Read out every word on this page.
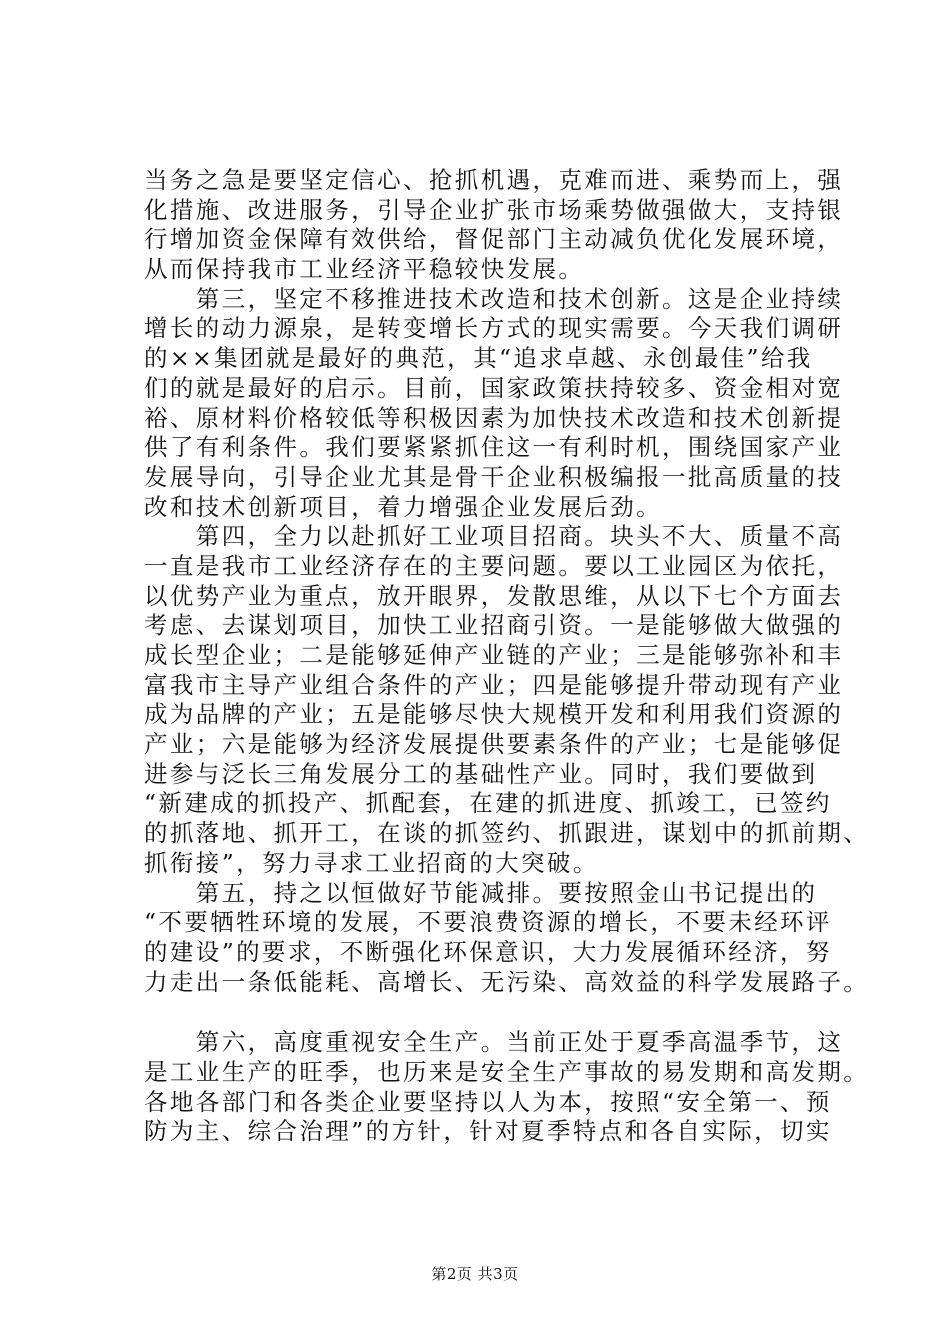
当务之急是要坚定信心、抢抓机遇，克难而进、乘势而上，强
化措施、改进服务，引导企业扩张市场乘势做强做大，支持银
行增加资金保障有效供给，督促部门主动减负优化发展环境，
从而保持我市工业经济平稳较快发展。
　　第三，坚定不移推进技术改造和技术创新。这是企业持续
增长的动力源泉，是转变增长方式的现实需要。今天我们调研
的××集团就是最好的典范，其“追求卓越、永创最佳”给我
们的就是最好的启示。目前，国家政策扶持较多、资金相对宽
裕、原材料价格较低等积极因素为加快技术改造和技术创新提
供了有利条件。我们要紧紧抓住这一有利时机，围绕国家产业
发展导向，引导企业尤其是骨干企业积极编报一批高质量的技
改和技术创新项目，着力增强企业发展后劲。
　　第四，全力以赴抓好工业项目招商。块头不大、质量不高
一直是我市工业经济存在的主要问题。要以工业园区为依托，
以优势产业为重点，放开眼界，发散思维，从以下七个方面去
考虑、去谋划项目，加快工业招商引资。一是能够做大做强的
成长型企业；二是能够延伸产业链的产业；三是能够弥补和丰
富我市主导产业组合条件的产业；四是能够提升带动现有产业
成为品牌的产业；五是能够尽快大规模开发和利用我们资源的
产业；六是能够为经济发展提供要素条件的产业；七是能够促
进参与泛长三角发展分工的基础性产业。同时，我们要做到
“新建成的抓投产、抓配套，在建的抓进度、抓竣工，已签约
的抓落地、抓开工，在谈的抓签约、抓跟进，谋划中的抓前期、
抓衔接”，努力寻求工业招商的大突破。
　　第五，持之以恒做好节能减排。要按照金山书记提出的
“不要牺牲环境的发展，不要浪费资源的增长，不要未经环评
的建设”的要求，不断强化环保意识，大力发展循环经济，努
力走出一条低能耗、高增长、无污染、高效益的科学发展路子。
　　第六，高度重视安全生产。当前正处于夏季高温季节，这
是工业生产的旺季，也历来是安全生产事故的易发期和高发期。
各地各部门和各类企业要坚持以人为本，按照“安全第一、预
防为主、综合治理”的方针，针对夏季特点和各自实际，切实
第2页 共3页
